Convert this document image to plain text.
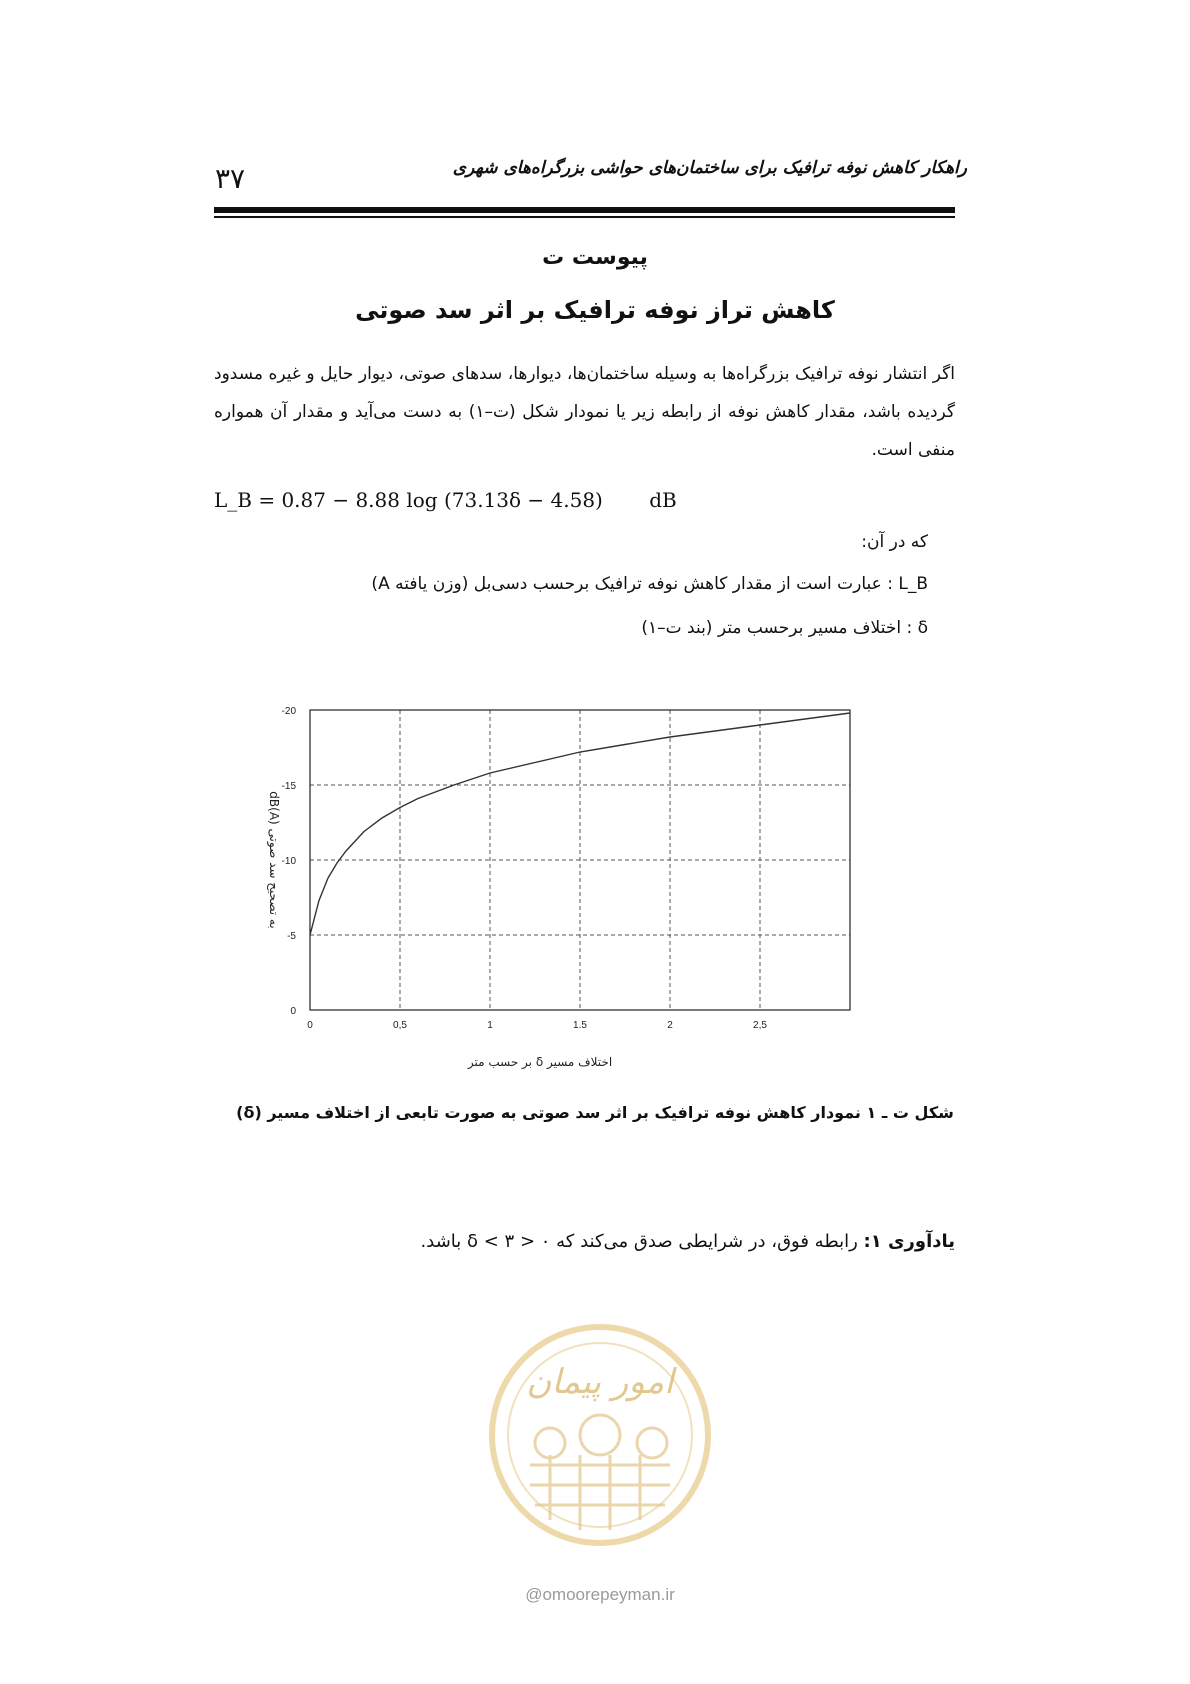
راهکار کاهش نوفه ترافیک برای ساختمان‌های حواشی بزرگراه‌های شهری
۳۷
پیوست ت
کاهش تراز نوفه ترافیک بر اثر سد صوتی
اگر انتشار نوفه ترافیک بزرگراه‌ها به وسیله ساختمان‌ها، دیوارها، سدهای صوتی، دیوار حایل و غیره مسدود گردیده باشد، مقدار کاهش نوفه از رابطه زیر یا نمودار شکل (ت–۱) به دست می‌آید و مقدار آن همواره منفی است.
L_B = 0.87 − 8.88 log (73.13δ − 4.58) dB
که در آن:
L_B : عبارت است از مقدار کاهش نوفه ترافیک برحسب دسی‌بل (وزن یافته A)
δ : اختلاف مسیر برحسب متر (بند ت–۱)
0	0,5	1	1.5	2	2,5
0
-5
-10
-15
-20
اختلاف مسیر δ بر حسب متر
dB(A) به تصحیح سد صوتی
شکل ت ـ ۱ نمودار کاهش نوفه ترافیک بر اثر سد صوتی به صورت تابعی از اختلاف مسیر (δ)
یادآوری ۱: رابطه فوق، در شرایطی صدق می‌کند که ۰ < δ < ۳ باشد.
امور پیمان
@omoorepeyman.ir
